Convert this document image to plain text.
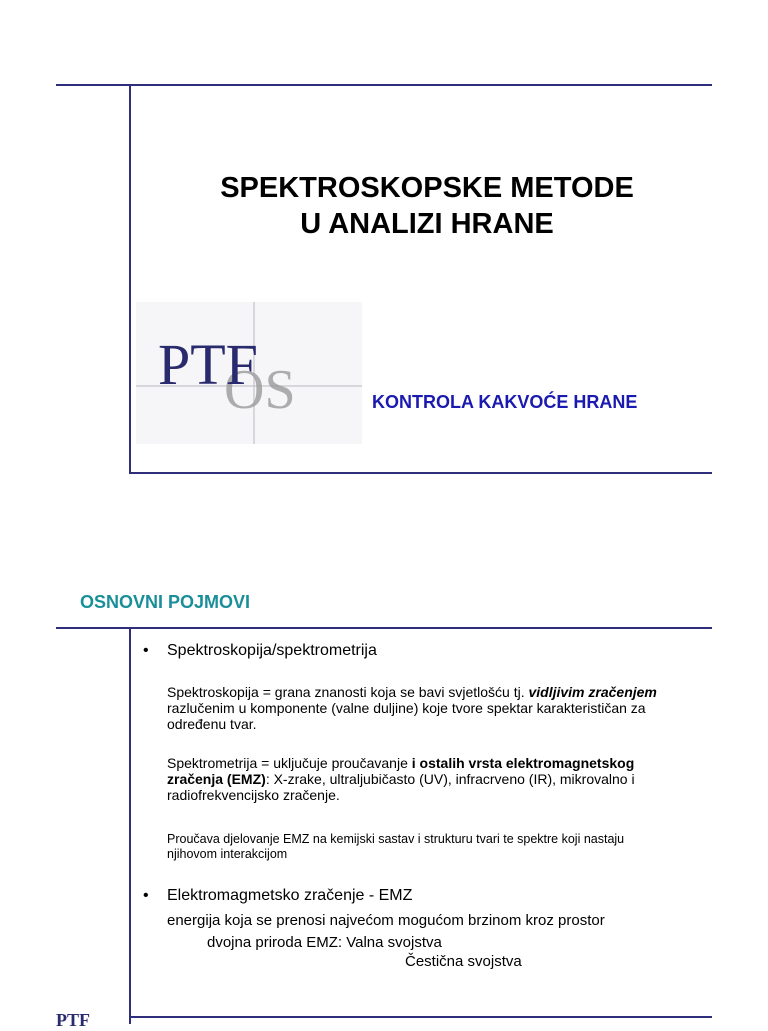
SPEKTROSKOPSKE METODE
U ANALIZI HRANE
OS
PTF
KONTROLA KAKVOĆE HRANE
OSNOVNI POJMOVI
• Spektroskopija/spektrometrija
Spektroskopija = grana znanosti koja se bavi svjetlošću tj. vidljivim zračenjem razlučenim u komponente (valne duljine) koje tvore spektar karakterističan za određenu tvar.
Spektrometrija = uključuje proučavanje i ostalih vrsta elektromagnetskog zračenja (EMZ): X-zrake, ultraljubičasto (UV), infracrveno (IR), mikrovalno i radiofrekvencijsko zračenje.
Proučava djelovanje EMZ na kemijski sastav i strukturu tvari te spektre koji nastaju njihovom interakcijom
• Elektromagmetsko zračenje - EMZ
energija koja se prenosi najvećom mogućom brzinom kroz prostor
dvojna priroda EMZ: Valna svojstva
Čestična svojstva
PTF
